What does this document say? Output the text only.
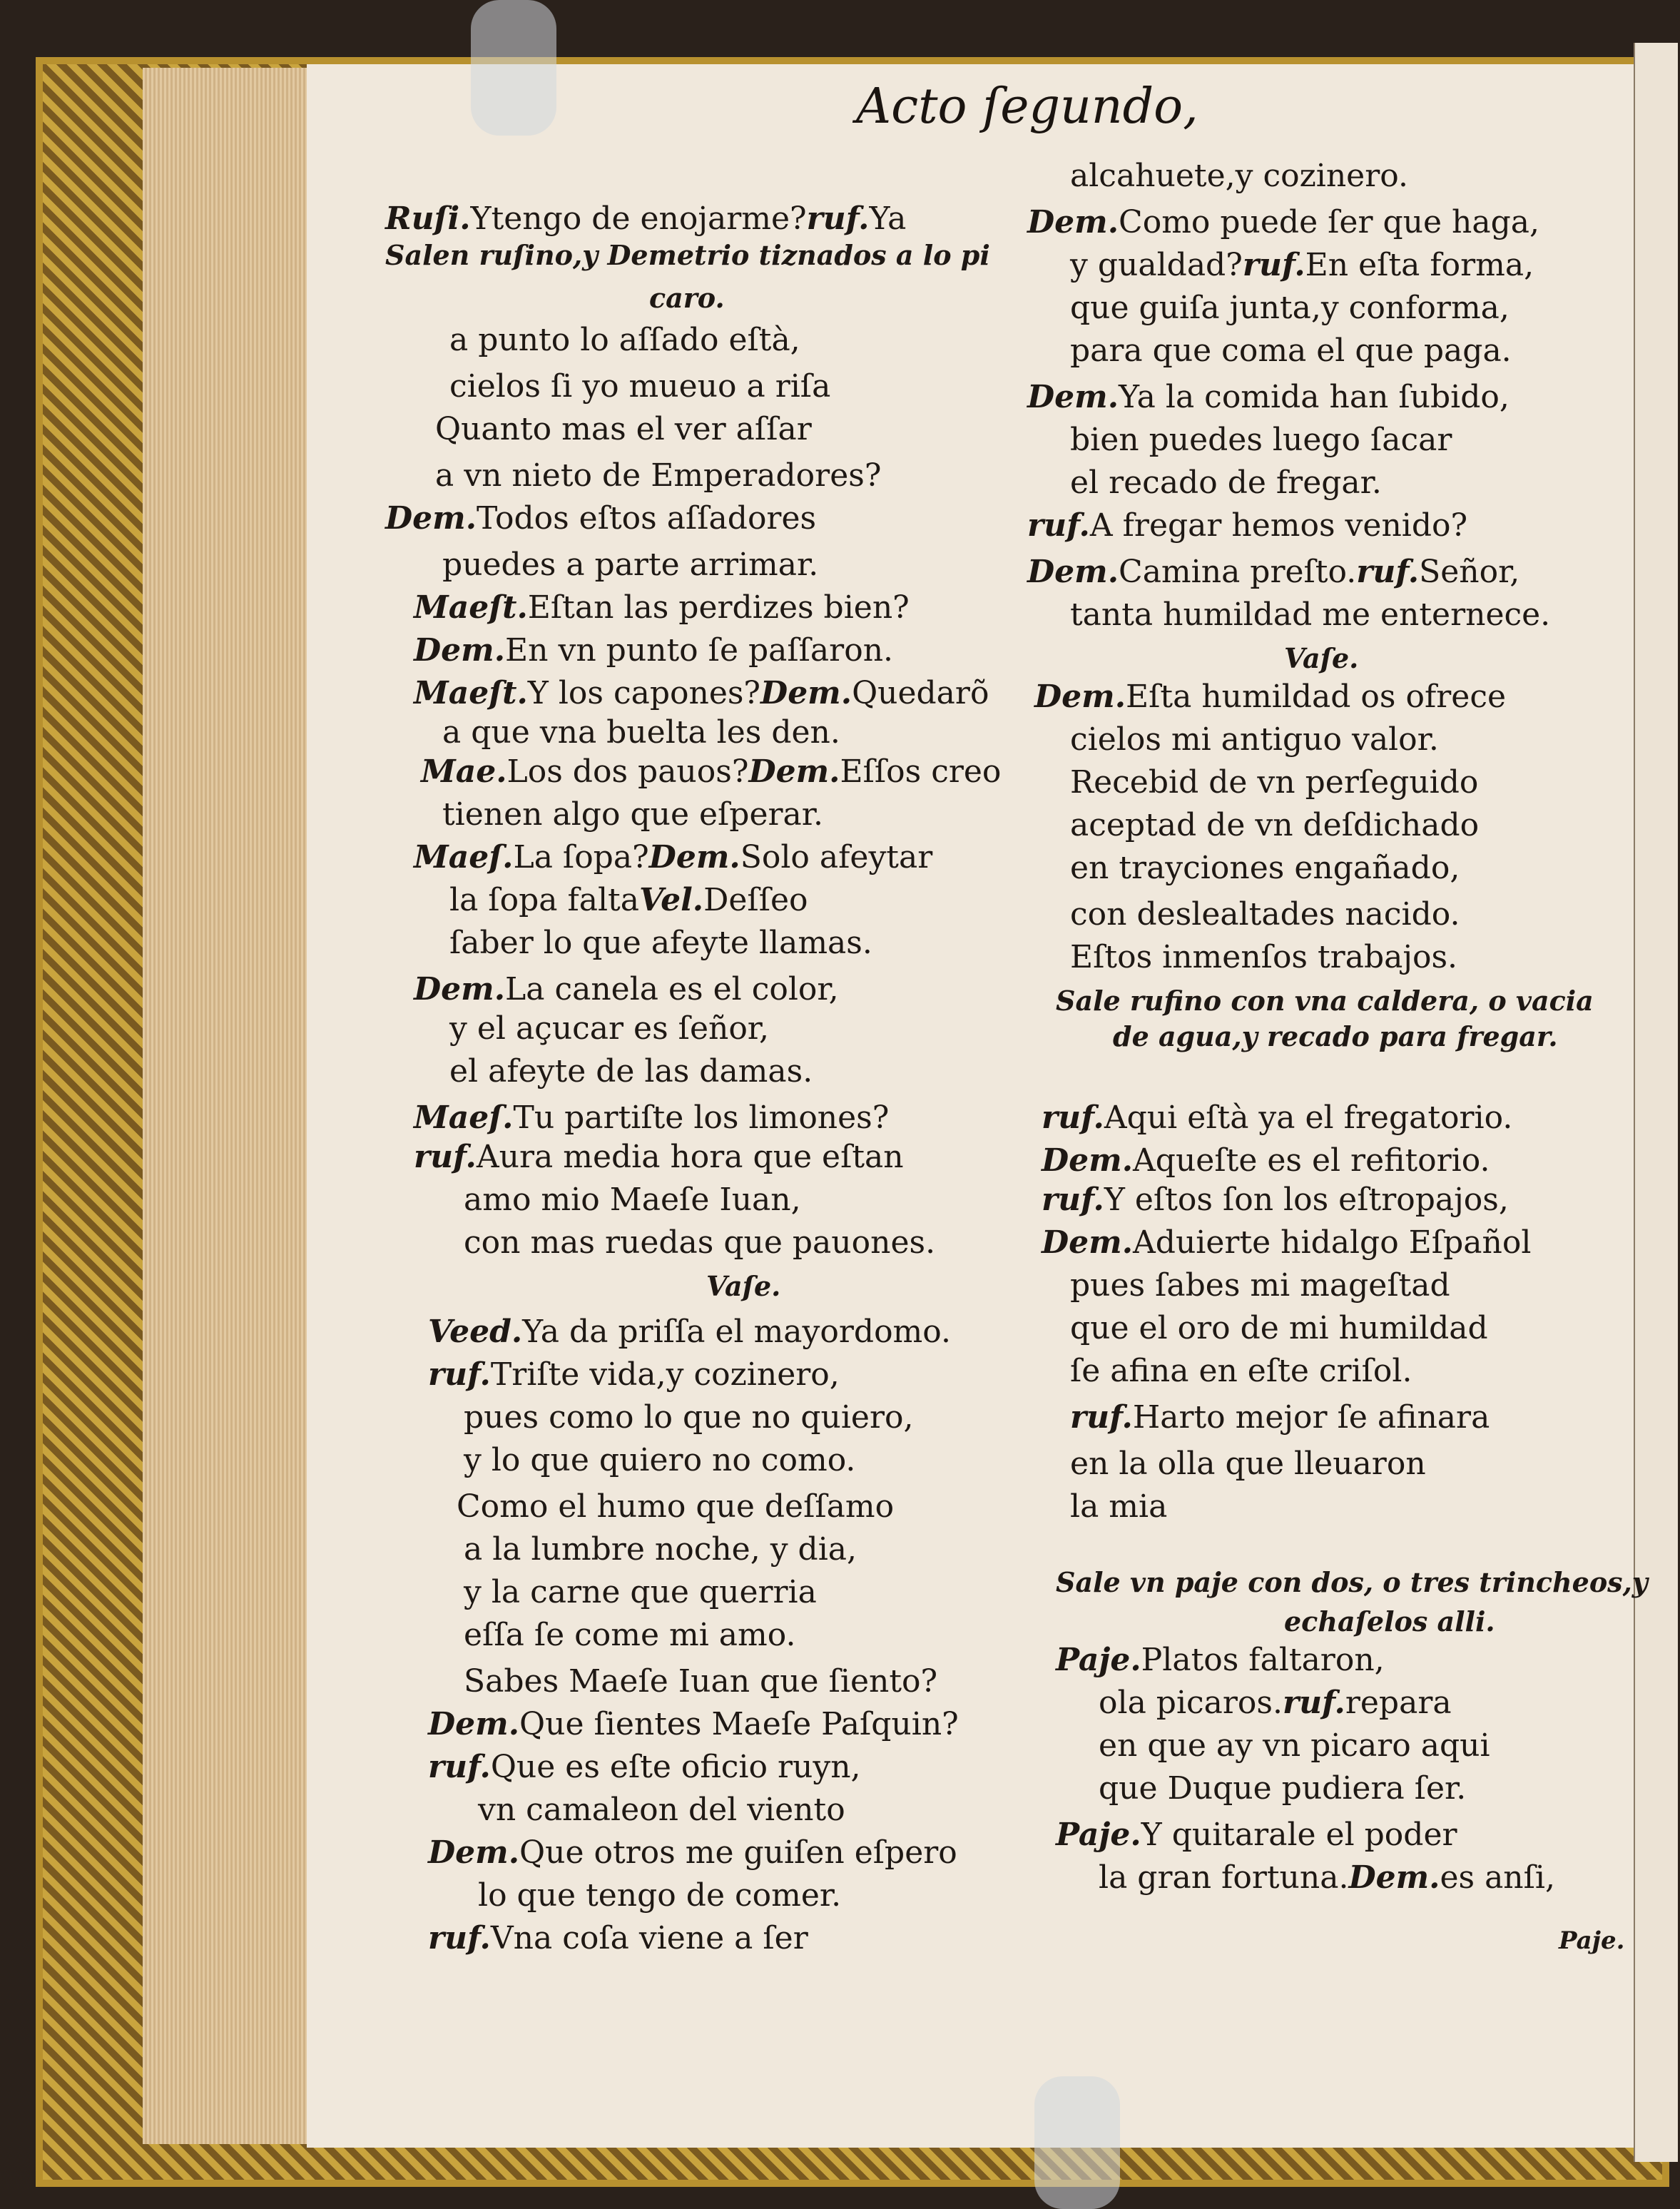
Acto ſegundo,
Ruſi.Ytengo de enojarme?ruf.Ya
Salen ruſino,y Demetrio tiznados a lo pi
caro.
a punto lo aſſado eſtà,
cielos ſi yo mueuo a riſa
Quanto mas el ver aſſar
a vn nieto de Emperadores?
Dem.Todos eſtos aſſadores
puedes a parte arrimar.
Maeſt.Eſtan las perdizes bien?
Dem.En vn punto ſe paſſaron.
Maeſt.Y los capones?Dem.Quedarõ
a que vna buelta les den.
Mae.Los dos pauos?Dem.Eſſos creo
tienen algo que eſperar.
Maeſ.La ſopa?Dem.Solo afeytar
la ſopa faltaVel.Deſſeo
ſaber lo que afeyte llamas.
Dem.La canela es el color,
y el açucar es ſeñor,
el afeyte de las damas.
Maeſ.Tu partiſte los limones?
ruf.Aura media hora que eſtan
amo mio Maeſe Iuan,
con mas ruedas que pauones.
Vaſe.
Veed.Ya da priſſa el mayordomo.
ruf.Triſte vida,y cozinero,
pues como lo que no quiero,
y lo que quiero no como.
Como el humo que deſſamo
a la lumbre noche, y dia,
y la carne que querria
eſſa ſe come mi amo.
Sabes Maeſe Iuan que ſiento?
Dem.Que ſientes Maeſe Paſquin?
ruf.Que es eſte oficio ruyn,
vn camaleon del viento
Dem.Que otros me guiſen eſpero
lo que tengo de comer.
ruf.Vna coſa viene a ſer
alcahuete,y cozinero.
Dem.Como puede ſer que haga,
y gualdad?ruf.En eſta forma,
que guiſa junta,y conforma,
para que coma el que paga.
Dem.Ya la comida han ſubido,
bien puedes luego ſacar
el recado de fregar.
ruf.A fregar hemos venido?
Dem.Camina preſto.ruf.Señor,
tanta humildad me enternece.
Vaſe.
Dem.Eſta humildad os ofrece
cielos mi antiguo valor.
Recebid de vn perſeguido
aceptad de vn deſdichado
en trayciones engañado,
con deslealtades nacido.
Eſtos inmenſos trabajos.
Sale rufino con vna caldera, o vacia
de agua,y recado para fregar.
ruf.Aqui eſtà ya el fregatorio.
Dem.Aqueſte es el refitorio.
ruf.Y eſtos ſon los eſtropajos,
Dem.Aduierte hidalgo Eſpañol
pues ſabes mi mageſtad
que el oro de mi humildad
ſe afina en eſte criſol.
ruf.Harto mejor ſe afinara
en la olla que lleuaron
la mia
Sale vn paje con dos, o tres trincheos,y
echaſelos alli.
Paje.Platos faltaron,
ola picaros.ruf.repara
en que ay vn picaro aqui
que Duque pudiera ſer.
Paje.Y quitarale el poder
la gran fortuna.Dem.es anſi,
Paje.
